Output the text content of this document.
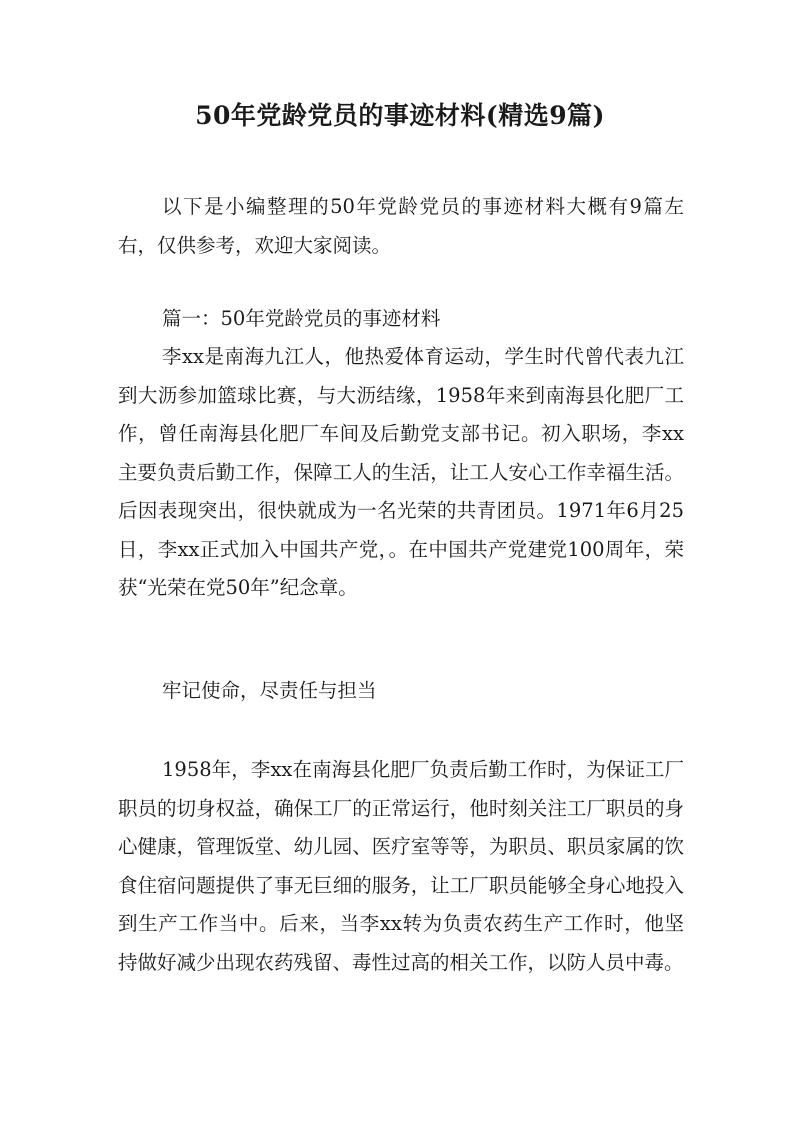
50年党龄党员的事迹材料(精选9篇)

以下是小编整理的50年党龄党员的事迹材料大概有9篇左右，仅供参考，欢迎大家阅读。

篇一：50年党龄党员的事迹材料

李xx是南海九江人，他热爱体育运动，学生时代曾代表九江到大沥参加篮球比赛，与大沥结缘，1958年来到南海县化肥厂工作，曾任南海县化肥厂车间及后勤党支部书记。初入职场，李xx主要负责后勤工作，保障工人的生活，让工人安心工作幸福生活。后因表现突出，很快就成为一名光荣的共青团员。1971年6月25日，李xx正式加入中国共产党，。在中国共产党建党100周年，荣获“光荣在党50年”纪念章。

牢记使命，尽责任与担当

1958年，李xx在南海县化肥厂负责后勤工作时，为保证工厂职员的切身权益，确保工厂的正常运行，他时刻关注工厂职员的身心健康，管理饭堂、幼儿园、医疗室等等，为职员、职员家属的饮食住宿问题提供了事无巨细的服务，让工厂职员能够全身心地投入到生产工作当中。后来，当李xx转为负责农药生产工作时，他坚持做好减少出现农药残留、毒性过高的相关工作，以防人员中毒。
